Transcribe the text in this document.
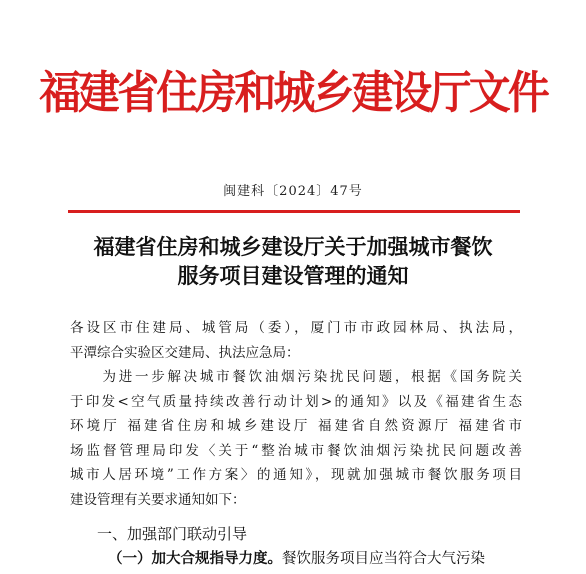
福建省住房和城乡建设厅文件
闽建科〔2024〕47号
福建省住房和城乡建设厅关于加强城市餐饮
服务项目建设管理的通知
各设区市住建局、城管局（委），厦门市市政园林局、执法局，
平潭综合实验区交建局、执法应急局：
　　为进一步解决城市餐饮油烟污染扰民问题，根据《国务院关
于印发<空气质量持续改善行动计划>的通知》以及《福建省生态
环境厅 福建省住房和城乡建设厅 福建省自然资源厅 福建省市
场监督管理局印发〈关于“整治城市餐饮油烟污染扰民问题改善
城市人居环境”工作方案〉的通知》，现就加强城市餐饮服务项目
建设管理有关要求通知如下：
一、加强部门联动引导
（一）加大合规指导力度。餐饮服务项目应当符合大气污染
